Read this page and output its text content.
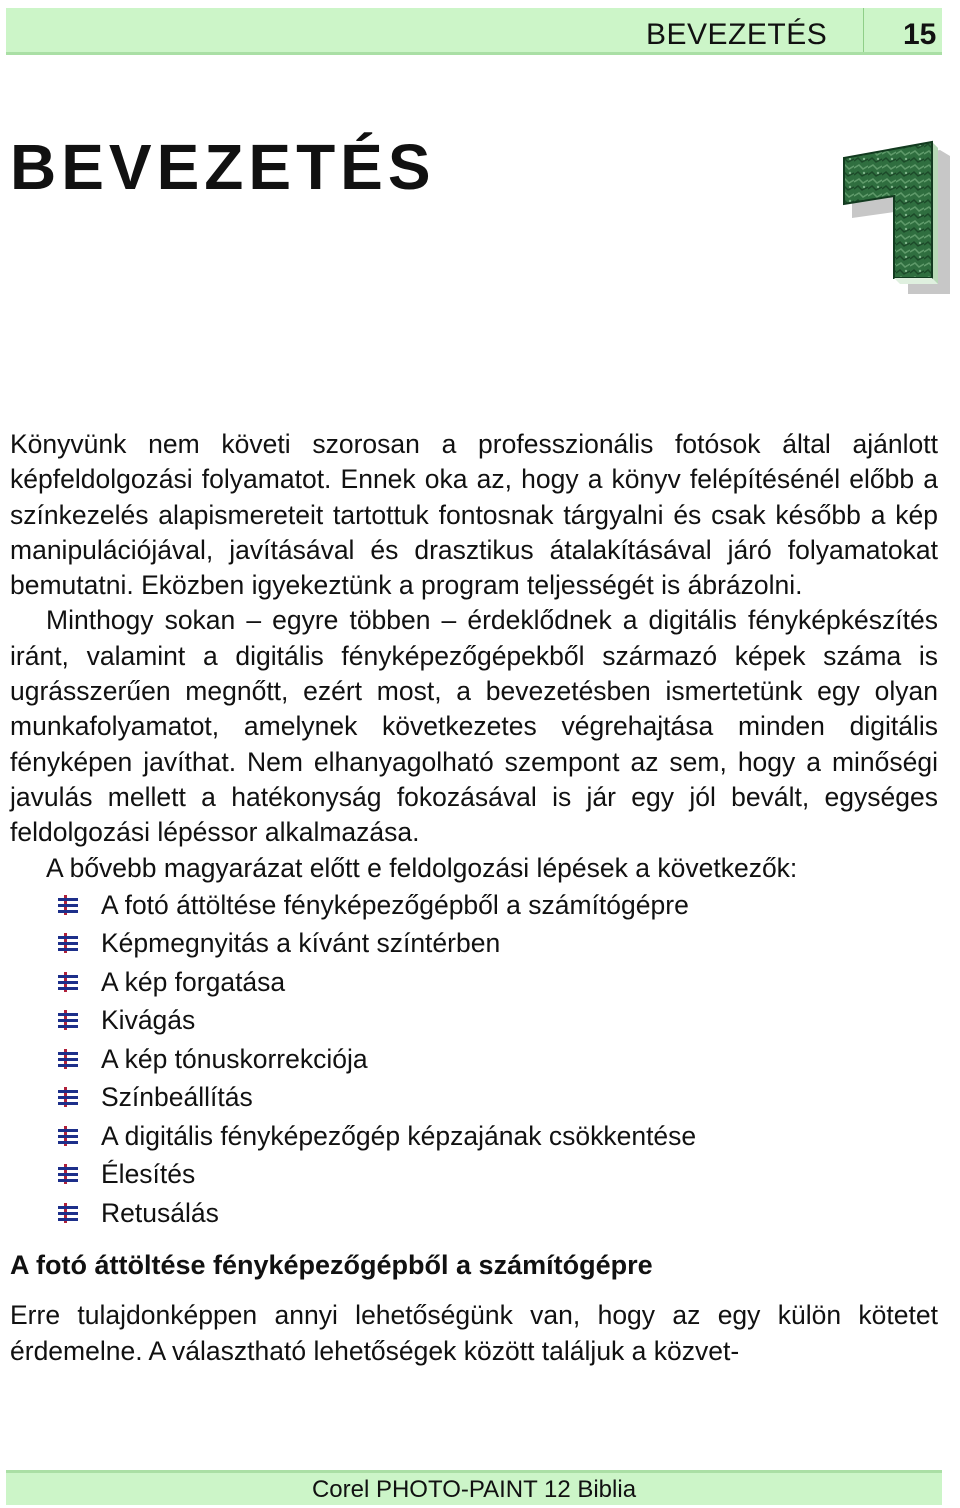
BEVEZETÉS	15
BEVEZETÉS

Könyvünk nem követi szorosan a professzionális fotósok által ajánlott képfeldolgozási folyamatot. Ennek oka az, hogy a könyv felépítésénél előbb a színkezelés alapismereteit tartottuk fontosnak tárgyalni és csak később a kép manipulációjával, javításával és drasztikus átalakításával járó folyamatokat bemutatni. Eközben igyekeztünk a program teljességét is ábrázolni.

Minthogy sokan – egyre többen – érdeklődnek a digitális fényképkészítés iránt, valamint a digitális fényképezőgépekből származó képek száma is ugrásszerűen megnőtt, ezért most, a bevezetésben ismertetünk egy olyan munkafolyamatot, amelynek következetes végrehajtása minden digitális fényképen javíthat. Nem elhanyagolható szempont az sem, hogy a minőségi javulás mellett a hatékonyság fokozásával is jár egy jól bevált, egységes feldolgozási lépéssor alkalmazása.

A bővebb magyarázat előtt e feldolgozási lépések a következők:

A fotó áttöltése fényképezőgépből a számítógépre
Képmegnyitás a kívánt színtérben
A kép forgatása
Kivágás
A kép tónuskorrekciója
Színbeállítás
A digitális fényképezőgép képzajának csökkentése
Élesítés
Retusálás
A fotó áttöltése fényképezőgépből a számítógépre

Erre tulajdonképpen annyi lehetőségünk van, hogy az egy külön kötetet érdemelne. A választható lehetőségek között találjuk a közvet-

Corel PHOTO-PAINT 12 Biblia
